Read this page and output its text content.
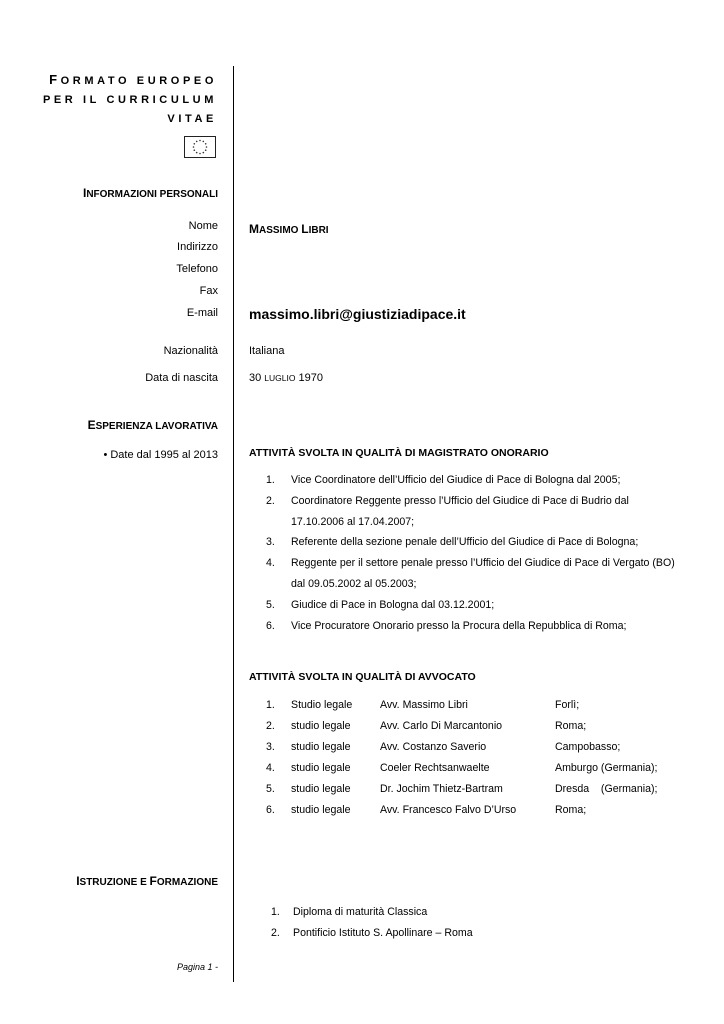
FORMATO EUROPEO
PER IL CURRICULUM
VITAE
INFORMAZIONI PERSONALI
Nome	MASSIMO LIBRI
Indirizzo
Telefono
Fax
E-mail massimo.libri@giustiziadipace.it
Nazionalità	Italiana
Data di nascita	30 LUGLIO 1970
ESPERIENZA LAVORATIVA
• Date dal 1995 al 2013	ATTIVITÀ SVOLTA IN QUALITÀ DI MAGISTRATO ONORARIO
1. Vice Coordinatore dell’Ufficio del Giudice di Pace di Bologna dal 2005;
2. Coordinatore Reggente presso l’Ufficio del Giudice di Pace di Budrio dal 17.10.2006 al 17.04.2007;
3. Referente della sezione penale dell’Ufficio del Giudice di Pace di Bologna;
4. Reggente per il settore penale presso l’Ufficio del Giudice di Pace di Vergato (BO) dal 09.05.2002 al 05.2003;
5. Giudice di Pace in Bologna dal 03.12.2001;
6. Vice Procuratore Onorario presso la Procura della Repubblica di Roma;
ATTIVITÀ SVOLTA IN QUALITÀ DI AVVOCATO
1. Studio legale	Avv. Massimo Libri	Forlì;
2. studio legale	Avv. Carlo Di Marcantonio	Roma;
3. studio legale	Avv. Costanzo Saverio	Campobasso;
4. studio legale	Coeler Rechtsanwaelte	Amburgo (Germania);
5. studio legale	Dr. Jochim Thietz-Bartram	Dresda    (Germania);
6. studio legale	Avv. Francesco Falvo D’Urso	Roma;
ISTRUZIONE E FORMAZIONE
1. Diploma di maturità Classica
2. Pontificio Istituto S. Apollinare – Roma
Pagina 1 -
